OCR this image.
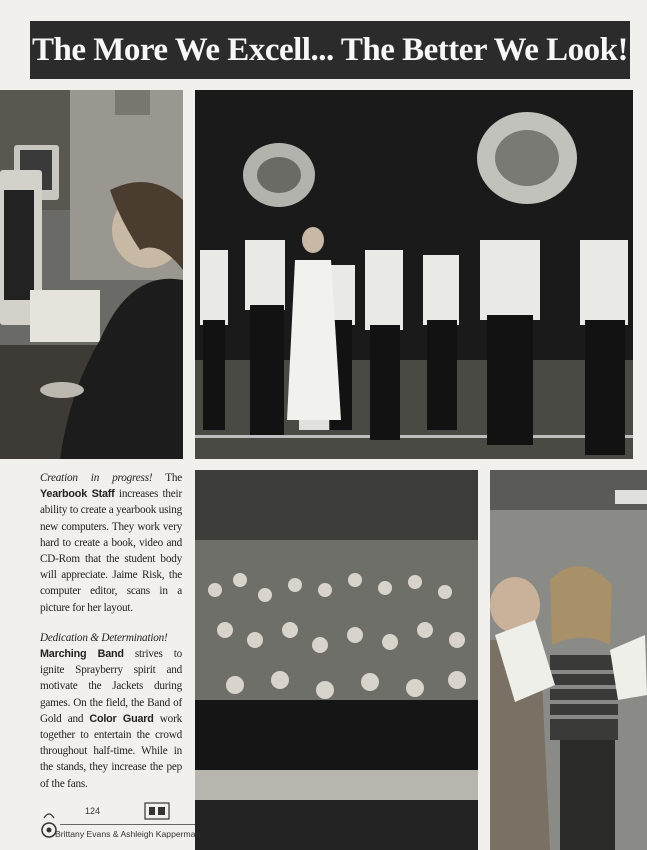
The More We Excell... The Better We Look!

Creation in progress! The Yearbook Staff increases their ability to create a yearbook using new computers. They work very hard to create a book, video and CD-Rom that the student body will appreciate. Jaime Risk, the computer editor, scans in a picture for her layout.

Dedication & Determination!
Marching Band strives to ignite Sprayberry spirit and motivate the Jackets during games. On the field, the Band of Gold and Color Guard work together to entertain the crowd throughout half-time. While in the stands, they increase the pep of the fans.

124
Brittany Evans & Ashleigh Kapperman
